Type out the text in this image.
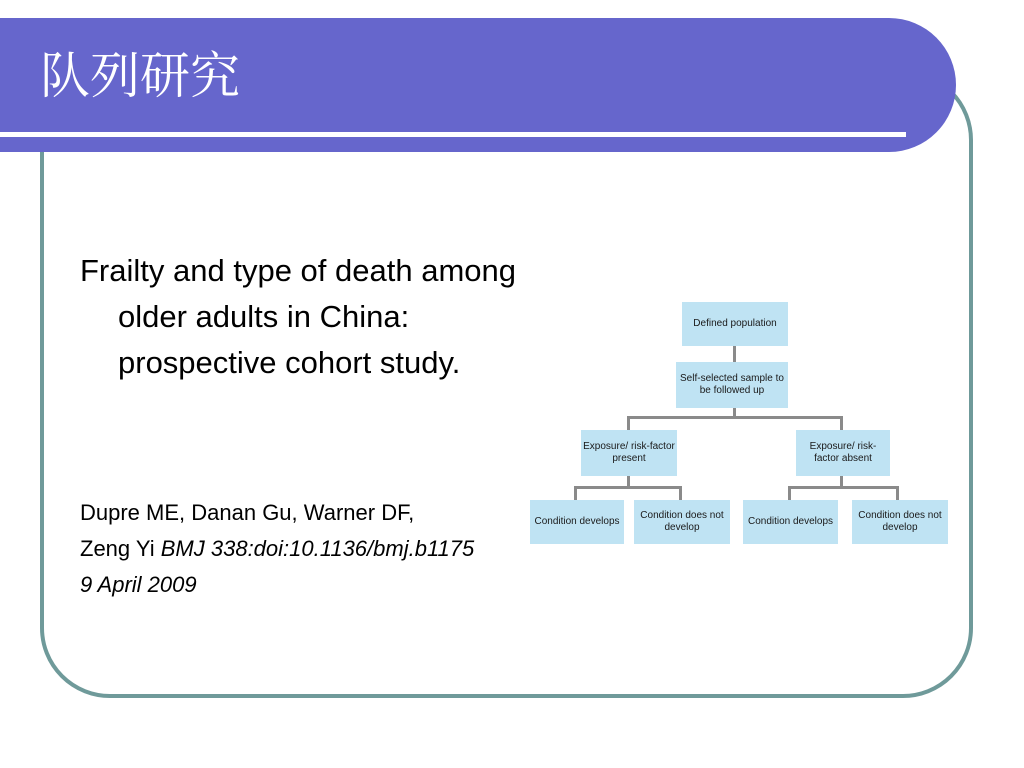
队列研究
Frailty and type of death among older adults in China: prospective cohort study.
Dupre ME, Danan Gu, Warner DF,
Zeng Yi BMJ 338:doi:10.1136/bmj.b1175
9 April 2009
Defined population
Self-selected sample to be followed up
Exposure/ risk-factor present
Exposure/ risk-factor absent
Condition develops
Condition does not develop
Condition develops
Condition does not develop
